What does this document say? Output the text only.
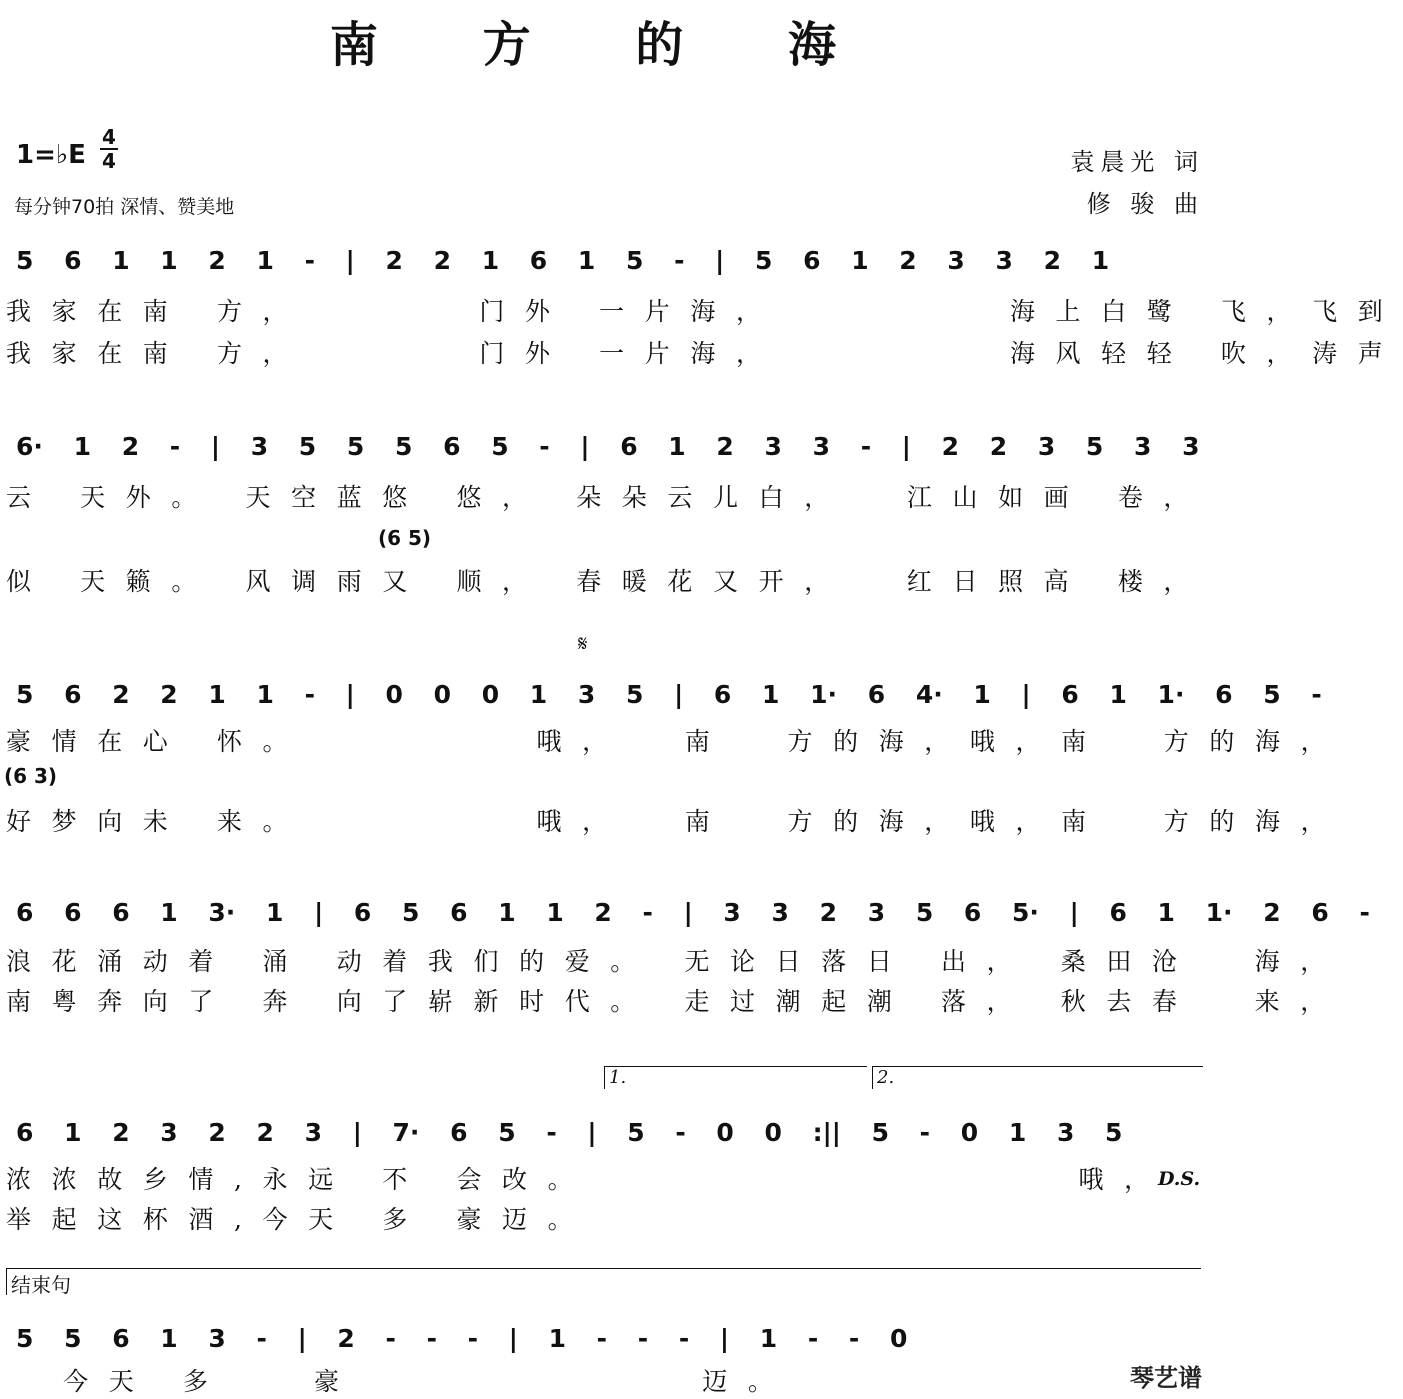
南 方 的 海
1=♭E
4
4
每分钟70拍 深情、赞美地
袁晨光 词
修 骏 曲
5 6 1 1 2 1 - | 2 2 1 6 1 5 - | 5 6 1 2 3 3 2 1
我家在南 方，      门外 一片海，        海上白鹭 飞，飞到
我家在南 方，      门外 一片海，        海风轻轻 吹，涛声
6· 1 2 - | 3 5 5 5 6 5 - | 6 1 2 3 3 - | 2 2 3 5 3 3
云 天外。 天空蓝悠 悠， 朵朵云儿白，  江山如画 卷，
(6 5)
似 天籁。 风调雨又 顺， 春暖花又开，  红日照高 楼，
𝄋
5 6 2 2 1 1 - | 0 0 0 1 3 5 | 6 1 1· 6 4· 1 | 6 1 1· 6 5 -
豪情在心 怀。        哦，  南  方的海，哦，南  方的海，
(6 3)
好梦向未 来。        哦，  南  方的海，哦，南  方的海，
6 6 6 1 3· 1 | 6 5 6 1 1 2 - | 3 3 2 3 5 6 5· | 6 1 1· 2 6 -
浪花涌动着 涌 动着我们的爱。 无论日落日 出， 桑田沧  海，
南粤奔向了 奔 向了崭新时代。 走过潮起潮 落， 秋去春  来，
1.	2.
6 1 2 3 2 2 3 | 7· 6 5 - | 5 - 0 0 :|| 5 - 0 1 3 5
浓浓故乡情,永远 不 会改。                 哦，
D.S.
举起这杯酒,今天 多 豪迈。
结束句
5 5 6 1 3 - | 2 - - - | 1 - - - | 1 - - 0
今天 多   豪            迈。	琴艺谱
